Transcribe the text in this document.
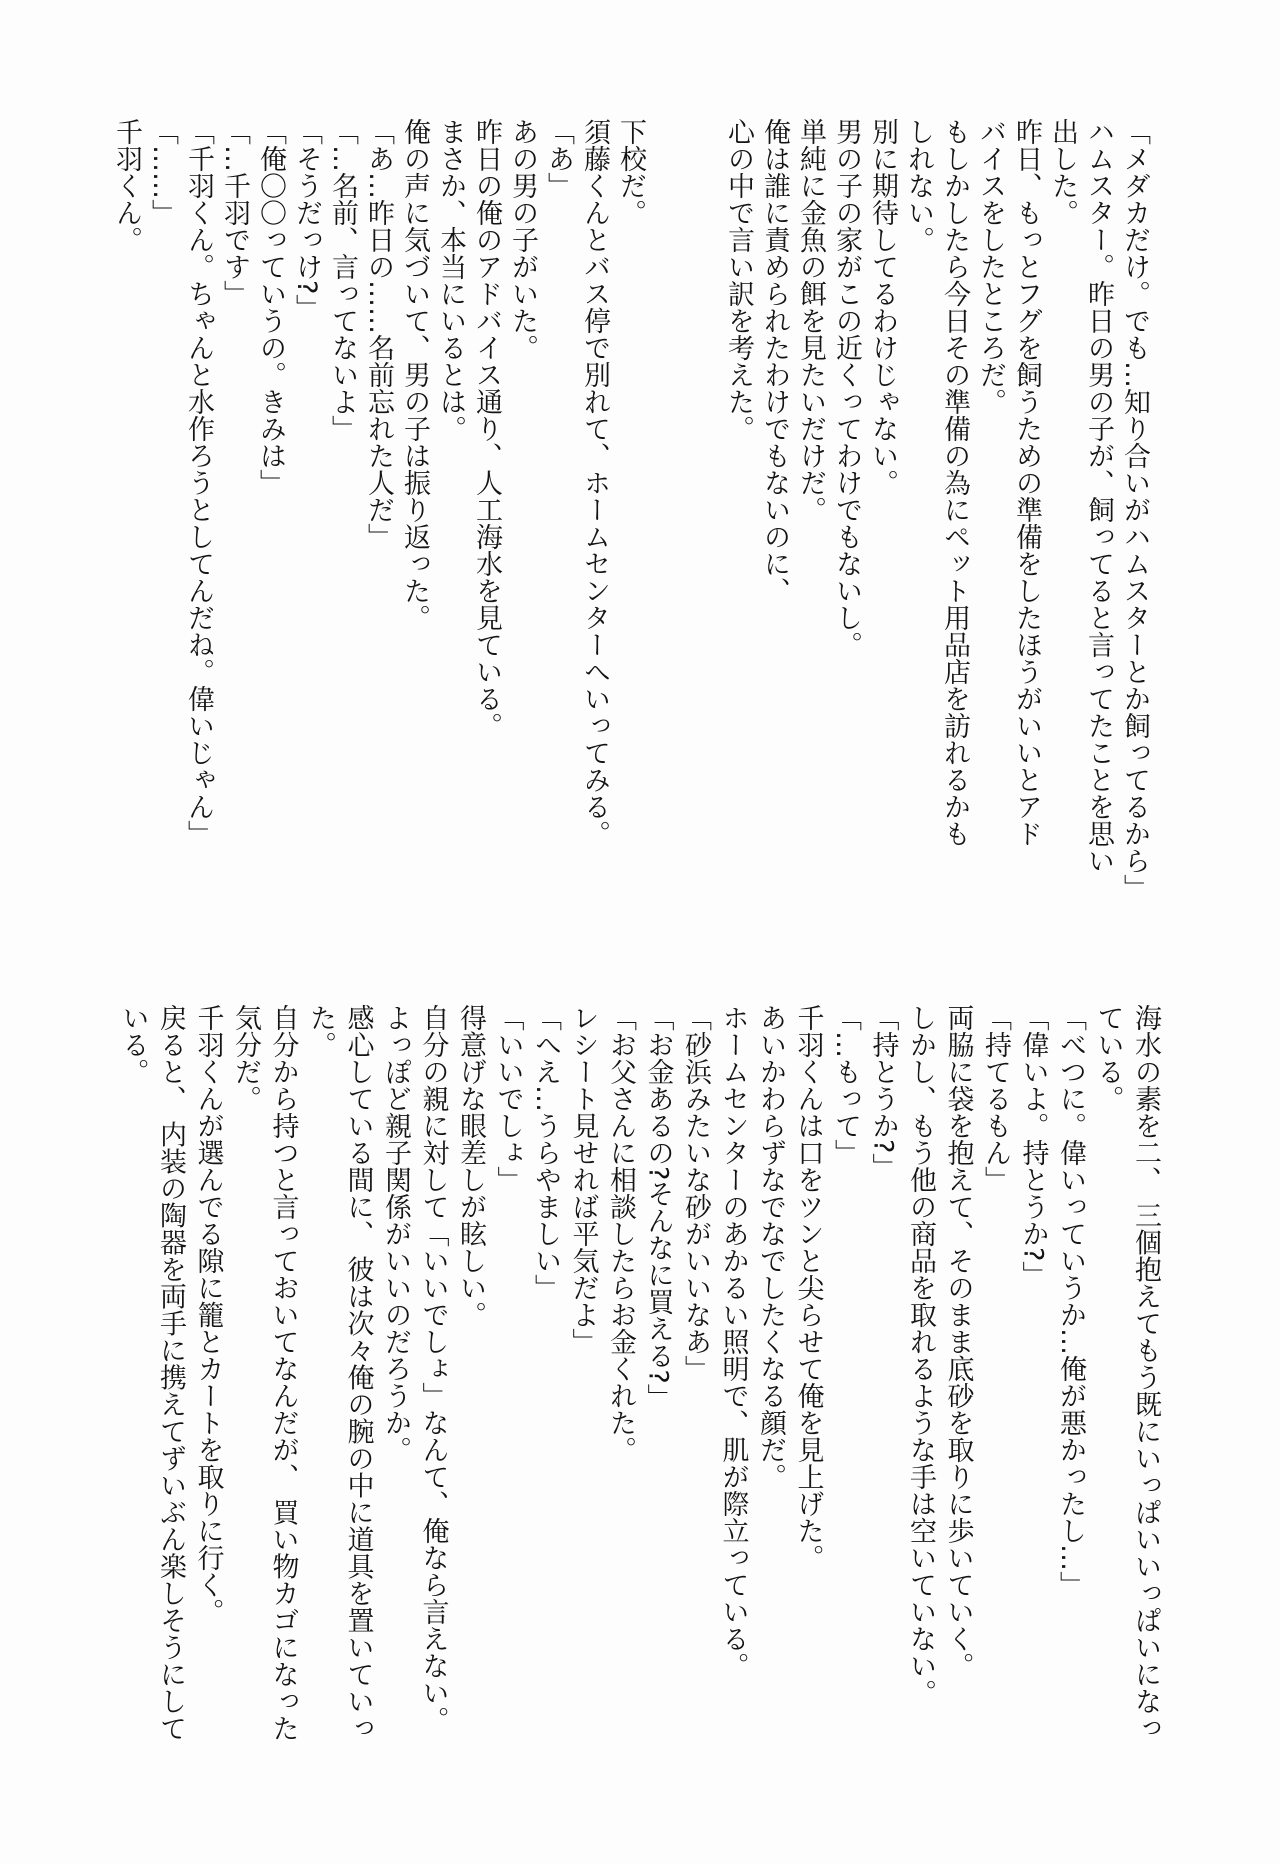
「メダカだけ。でも…知り合いがハムスターとか飼ってるから」
ハムスター。昨日の男の子が、飼ってると言ってたことを思い
出した。
昨日、もっとフグを飼うための準備をしたほうがいいとアド
バイスをしたところだ。
もしかしたら今日その準備の為にペット用品店を訪れるかも
しれない。
別に期待してるわけじゃない。
男の子の家がこの近くってわけでもないし。
単純に金魚の餌を見たいだけだ。
俺は誰に責められたわけでもないのに、
心の中で言い訳を考えた。
下校だ。
須藤くんとバス停で別れて、ホームセンターへいってみる。
「あ」
あの男の子がいた。
昨日の俺のアドバイス通り、人工海水を見ている。
まさか、本当にいるとは。
俺の声に気づいて、男の子は振り返った。
「あ…昨日の……名前忘れた人だ」
「…名前、言ってないよ」
「そうだっけ?」
「俺〇〇っていうの。きみは」
「…千羽です」
「千羽くん。ちゃんと水作ろうとしてんだね。偉いじゃん」
「……」
千羽くん。
海水の素を二、 三個抱えてもう既にいっぱいいっぱいになっ
ている。
「べつに。偉いっていうか…俺が悪かったし…」
「偉いよ。持とうか?」
「持てるもん」
両脇に袋を抱えて、そのまま底砂を取りに歩いていく。
しかし、もう他の商品を取れるような手は空いていない。
「持とうか?」
「…もって」
千羽くんは口をツンと尖らせて俺を見上げた。
あいかわらずなでなでしたくなる顔だ。
ホームセンターのあかるい照明で、肌が際立っている。
「砂浜みたいな砂がいいなあ」
「お金あるの?そんなに買える?」
「お父さんに相談したらお金くれた。
レシート見せれば平気だよ」
「へえ…うらやましい」
「いいでしょ」
得意げな眼差しが眩しい。
自分の親に対して「いいでしょ」なんて、俺なら言えない。
よっぽど親子関係がいいのだろうか。
感心している間に、 彼は次々俺の腕の中に道具を置いていっ
た。
自分から持つと言っておいてなんだが、 買い物カゴになった
気分だ。
千羽くんが選んでる隙に籠とカートを取りに行く。
戻ると、 内装の陶器を両手に携えてずいぶん楽しそうにして
いる。
